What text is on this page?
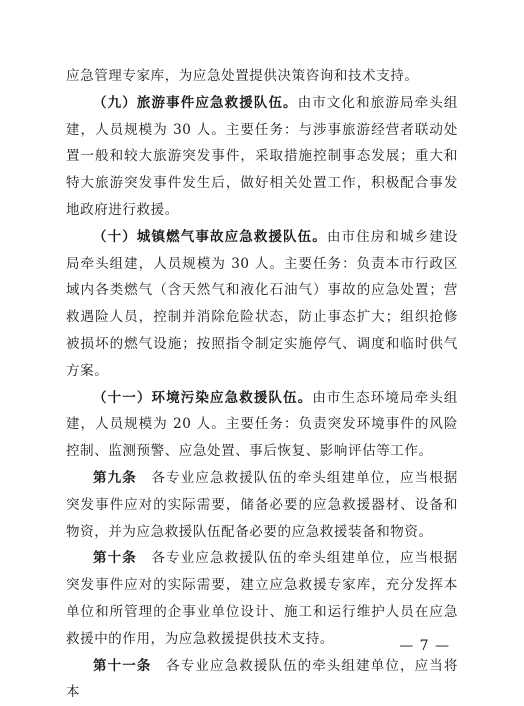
应急管理专家库，为应急处置提供决策咨询和技术支持。

（九）旅游事件应急救援队伍。由市文化和旅游局牵头组建，人员规模为 30 人。主要任务：与涉事旅游经营者联动处置一般和较大旅游突发事件，采取措施控制事态发展；重大和特大旅游突发事件发生后，做好相关处置工作，积极配合事发地政府进行救援。

（十）城镇燃气事故应急救援队伍。由市住房和城乡建设局牵头组建，人员规模为 30 人。主要任务：负责本市行政区域内各类燃气（含天然气和液化石油气）事故的应急处置；营救遇险人员，控制并消除危险状态，防止事态扩大；组织抢修被损坏的燃气设施；按照指令制定实施停气、调度和临时供气方案。

（十一）环境污染应急救援队伍。由市生态环境局牵头组建，人员规模为 20 人。主要任务：负责突发环境事件的风险控制、监测预警、应急处置、事后恢复、影响评估等工作。

第九条　各专业应急救援队伍的牵头组建单位，应当根据突发事件应对的实际需要，储备必要的应急救援器材、设备和物资，并为应急救援队伍配备必要的应急救援装备和物资。

第十条　各专业应急救援队伍的牵头组建单位，应当根据突发事件应对的实际需要，建立应急救援专家库，充分发挥本单位和所管理的企事业单位设计、施工和运行维护人员在应急救援中的作用，为应急救援提供技术支持。

第十一条　各专业应急救援队伍的牵头组建单位，应当将本

— 7 —
